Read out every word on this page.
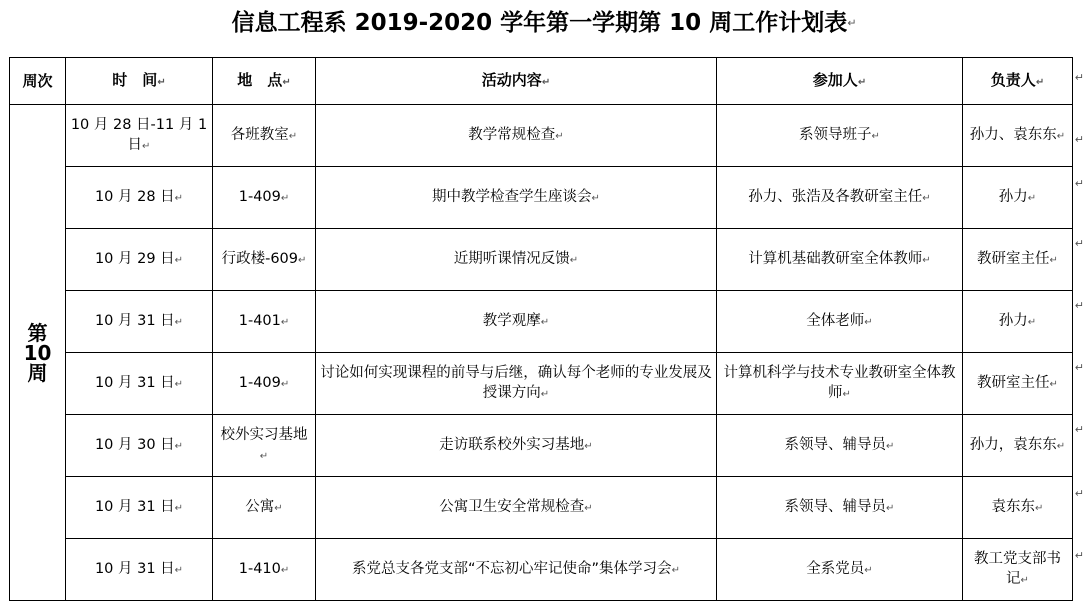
信息工程系 2019-2020 学年第一学期第 10 周工作计划表↵
周次	时　间↵	地　点↵	活动内容↵	参加人↵	负责人↵

第
10
周	10 月 28 日-11 月 1 日↵	各班教室↵	教学常规检查↵	系领导班子↵	孙力、袁东东↵
	10 月 28 日↵	1-409↵	期中教学检查学生座谈会↵	孙力、张浩及各教研室主任↵	孙力↵
	10 月 29 日↵	行政楼-609↵	近期听课情况反馈↵	计算机基础教研室全体教师↵	教研室主任↵
	10 月 31 日↵	1-401↵	教学观摩↵	全体老师↵	孙力↵
	10 月 31 日↵	1-409↵	讨论如何实现课程的前导与后继，确认每个老师的专业发展及授课方向↵	计算机科学与技术专业教研室全体教师↵	教研室主任↵
	10 月 30 日↵	校外实习基地↵	走访联系校外实习基地↵	系领导、辅导员↵	孙力，袁东东↵
	10 月 31 日↵	公寓↵	公寓卫生安全常规检查↵	系领导、辅导员↵	袁东东↵
	10 月 31 日↵	1-410↵	系党总支各党支部“不忘初心牢记使命”集体学习会↵	全系党员↵	教工党支部书记↵
↵
↵
↵
↵
↵
↵
↵
↵
↵
